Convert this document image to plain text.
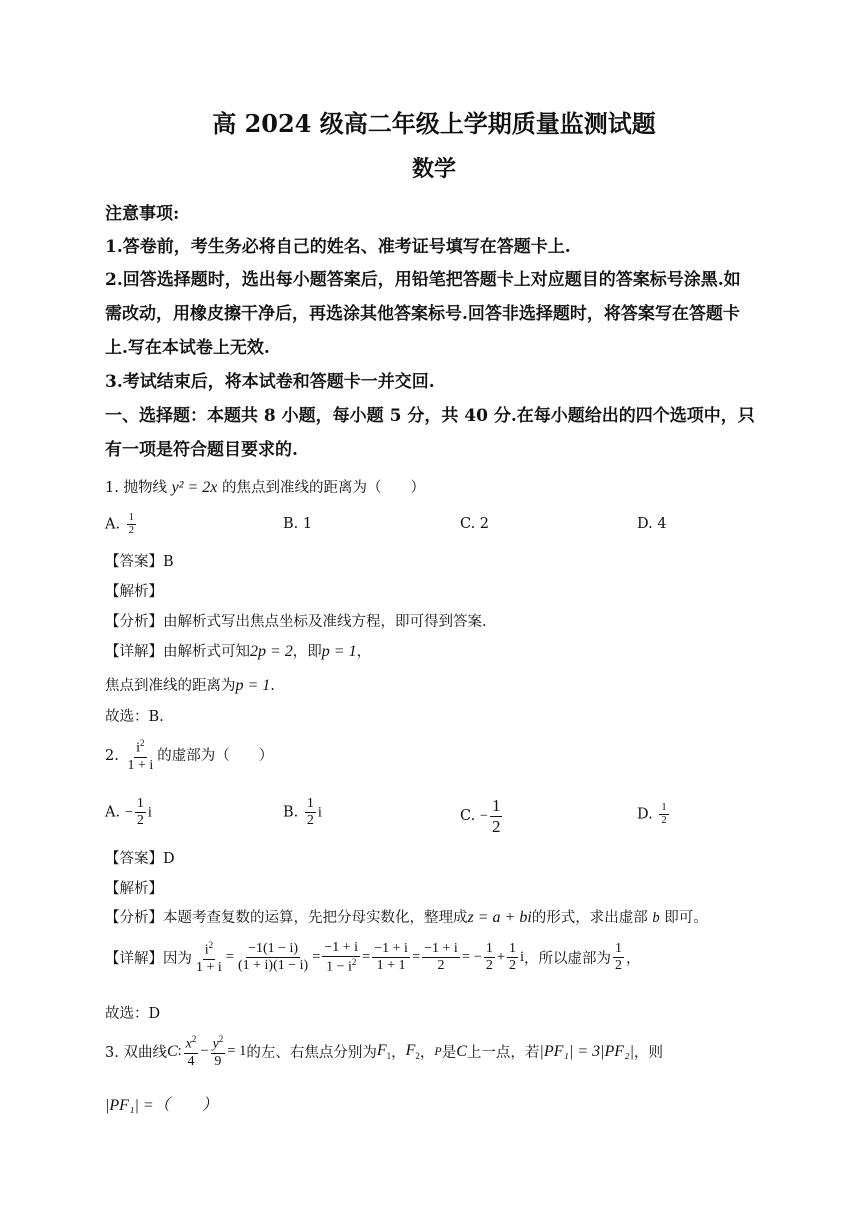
高 2024 级高二年级上学期质量监测试题
数学
注意事项:
1.答卷前，考生务必将自己的姓名、准考证号填写在答题卡上.
2.回答选择题时，选出每小题答案后，用铅笔把答题卡上对应题目的答案标号涂黑.如
需改动，用橡皮擦干净后，再选涂其他答案标号.回答非选择题时，将答案写在答题卡
上.写在本试卷上无效.
3.考试结束后，将本试卷和答题卡一并交回.
一、选择题：本题共 8 小题，每小题 5 分，共 40 分.在每小题给出的四个选项中，只
有一项是符合题目要求的.
1. 抛物线 y² = 2x 的焦点到准线的距离为（　　）
A. $\frac{1}{2}$	B. 1	C. 2	D. 4
【答案】B
【解析】
【分析】由解析式写出焦点坐标及准线方程，即可得到答案.
【详解】由解析式可知2p = 2，即p = 1，
焦点到准线的距离为p = 1.
故选：B.
2. $\frac{i^2}{1 + i}$ 的虚部为（　　）
A. − $\frac{1}{2}$ i	B. $\frac{1}{2}$ i	C. − $\frac{1}{2}$	D. $\frac{1}{2}$
【答案】D
【解析】
【分析】本题考查复数的运算，先把分母实数化，整理成z = a + bi的形式，求出虚部 b 即可。
【详解】因为 $\frac{i^2}{1 + i} = \frac{-1(1 - i)}{(1 + i)(1 - i)} = \frac{-1 + i}{1 - i^2} = \frac{-1 + i}{1 + 1} = \frac{-1 + i}{2}$ = − $\frac{1}{2} + \frac{1}{2}$ i ，所以虚部为 $\frac{1}{2}$ ，
故选：D
3. 双曲线 C : $\frac{x^2}{4} - \frac{y^2}{9} = 1$ 的左、右焦点分别为 $F_1$ ， $F_2$ ， P 是 C 上一点，若 |PF₁| = 3|PF₂| ，则
|PF₁| =（　　）
